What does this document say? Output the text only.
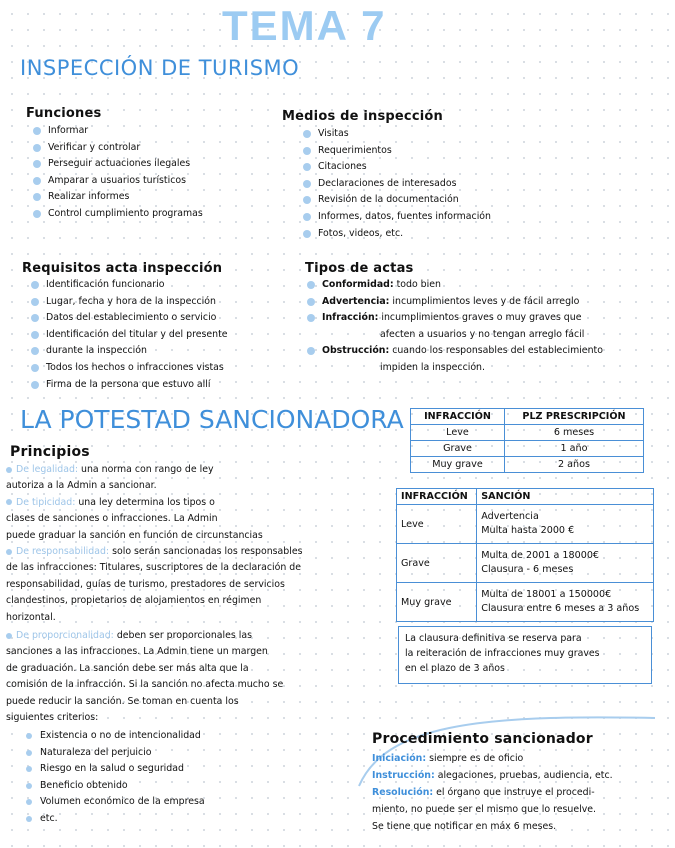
TEMA 7
INSPECCIÓN DE TURISMO
Funciones
Informar
Verificar y controlar
Perseguir actuaciones ilegales
Amparar a usuarios turísticos
Realizar informes
Control cumplimiento programas
Medios de inspección
Visitas
Requerimientos
Citaciones
Declaraciones de interesados
Revisión de la documentación
Informes, datos, fuentes información
Fotos, videos, etc.
Requisitos acta inspección
Identificación funcionario
Lugar, fecha y hora de la inspección
Datos del establecimiento o servicio
Identificación del titular y del presente
durante la inspección
Todos los hechos o infracciones vistas
Firma de la persona que estuvo allí
Tipos de actas
Conformidad: todo bien
Advertencia: incumplimientos leves y de fácil arreglo
Infracción: incumplimientos graves o muy graves que
afecten a usuarios y no tengan arreglo fácil
Obstrucción: cuando los responsables del establecimiento
impiden la inspección.
LA POTESTAD SANCIONADORA
Principios
De legalidad: una norma con rango de ley
autoriza a la Admin a sancionar.
De tipicidad: una ley determina los tipos o
clases de sanciones o infracciones. La Admin
puede graduar la sanción en función de circunstancias
De responsabilidad: solo serán sancionadas los responsables
de las infracciones: Titulares, suscriptores de la declaración de
responsabilidad, guías de turismo, prestadores de servicios
clandestinos, propietarios de alojamientos en régimen
horizontal.
De proporcionalidad: deben ser proporcionales las
sanciones a las infracciones. La Admin tiene un margen
de graduación. La sanción debe ser más alta que la
comisión de la infracción. Si la sanción no afecta mucho se
puede reducir la sanción. Se toman en cuenta los
siguientes criterios:
Existencia o no de intencionalidad
Naturaleza del perjuicio
Riesgo en la salud o seguridad
Beneficio obtenido
Volumen económico de la empresa
etc.
INFRACCIÓN	PLZ PRESCRIPCIÓN
Leve	6 meses
Grave	1 año
Muy grave	2 años
INFRACCIÓN	SANCIÓN
Leve	Advertencia
Multa hasta 2000 €

Grave	Multa de 2001 a 18000€
Clausura - 6 meses

Muy grave	Multa de 18001 a 150000€
Clausura entre 6 meses a 3 años
La clausura definitiva se reserva para
la reiteración de infracciones muy graves
en el plazo de 3 años
Procedimiento sancionador
Iniciación: siempre es de oficio
Instrucción: alegaciones, pruebas, audiencia, etc.
Resolución: el órgano que instruye el procedi-
miento, no puede ser el mismo que lo resuelve.
Se tiene que notificar en máx 6 meses.
